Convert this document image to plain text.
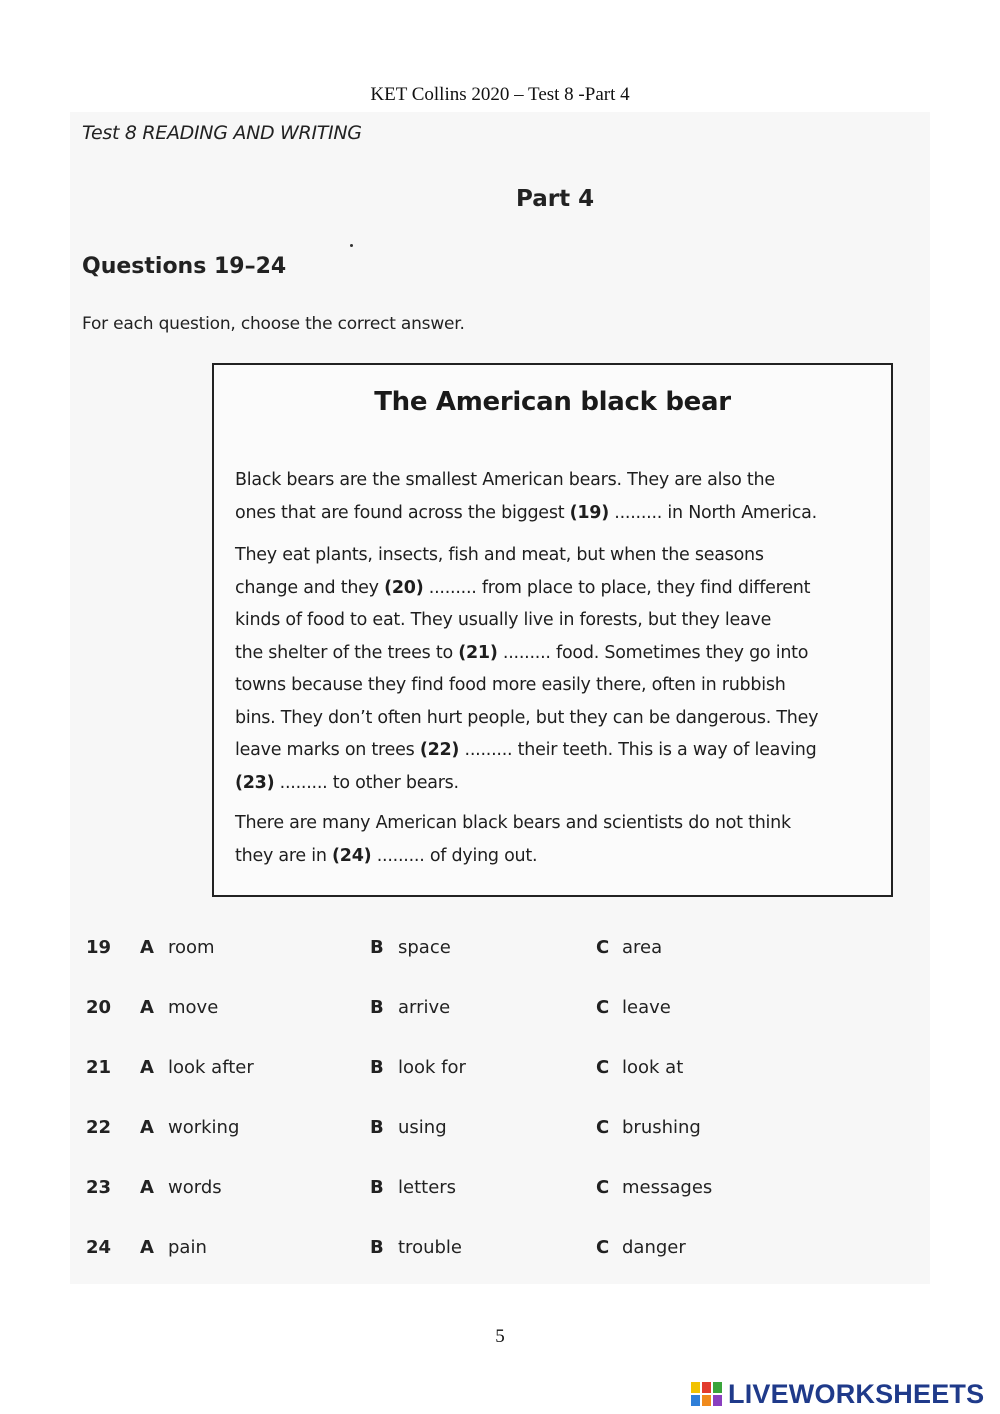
KET Collins 2020 – Test 8 -Part 4
Test 8 READING AND WRITING
Part 4
Questions 19–24
For each question, choose the correct answer.
The American black bear

Black bears are the smallest American bears. They are also the
ones that are found across the biggest (19) ......... in North America.

They eat plants, insects, fish and meat, but when the seasons
change and they (20) ......... from place to place, they find different
kinds of food to eat. They usually live in forests, but they leave
the shelter of the trees to (21) ......... food. Sometimes they go into
towns because they find food more easily there, often in rubbish
bins. They don’t often hurt people, but they can be dangerous. They
leave marks on trees (22) ......... their teeth. This is a way of leaving
(23) ......... to other bears.

There are many American black bears and scientists do not think
they are in (24) ......... of dying out.

19 A room	B space	C area
20 A move	B arrive	C leave
21 A look after	B look for	C look at
22 A working	B using	C brushing
23 A words	B letters	C messages
24 A pain	B trouble	C danger
5
LIVEWORKSHEETS
